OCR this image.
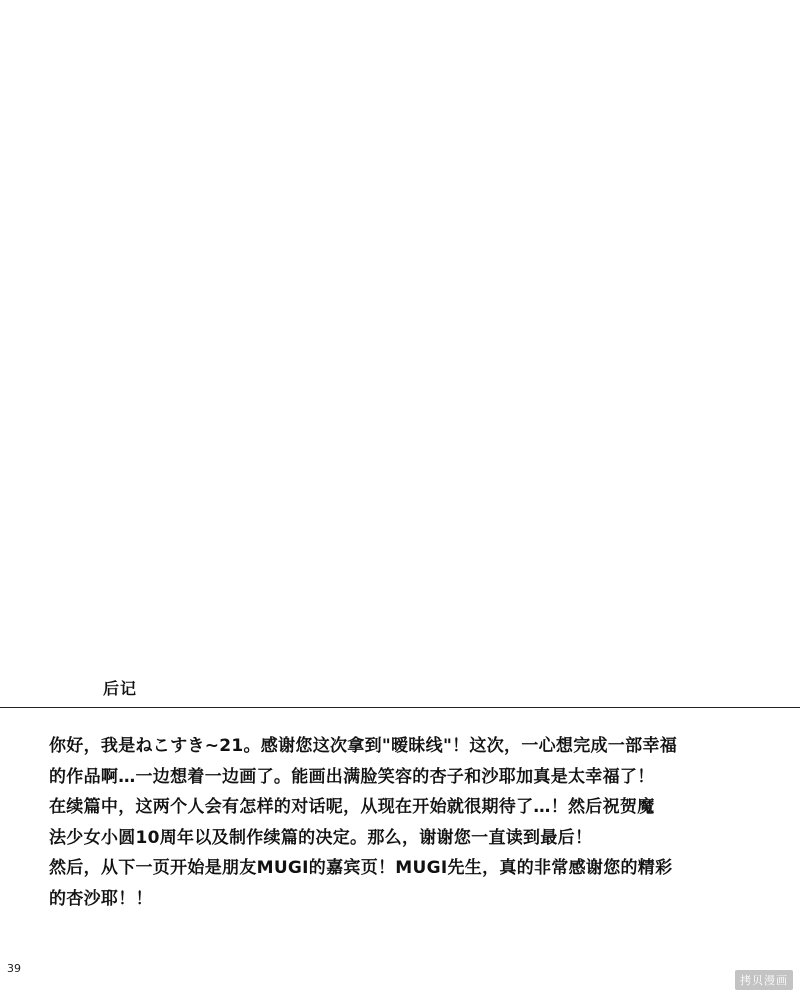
后记
你好，我是ねこすき~21。感谢您这次拿到"暧昧线"！这次，一心想完成一部幸福
的作品啊…一边想着一边画了。能画出满脸笑容的杏子和沙耶加真是太幸福了！
在续篇中，这两个人会有怎样的对话呢，从现在开始就很期待了…！然后祝贺魔
法少女小圆10周年以及制作续篇的决定。那么，谢谢您一直读到最后！
然后，从下一页开始是朋友MUGI的嘉宾页！MUGI先生，真的非常感谢您的精彩
的杏沙耶！！
39
拷贝漫画
